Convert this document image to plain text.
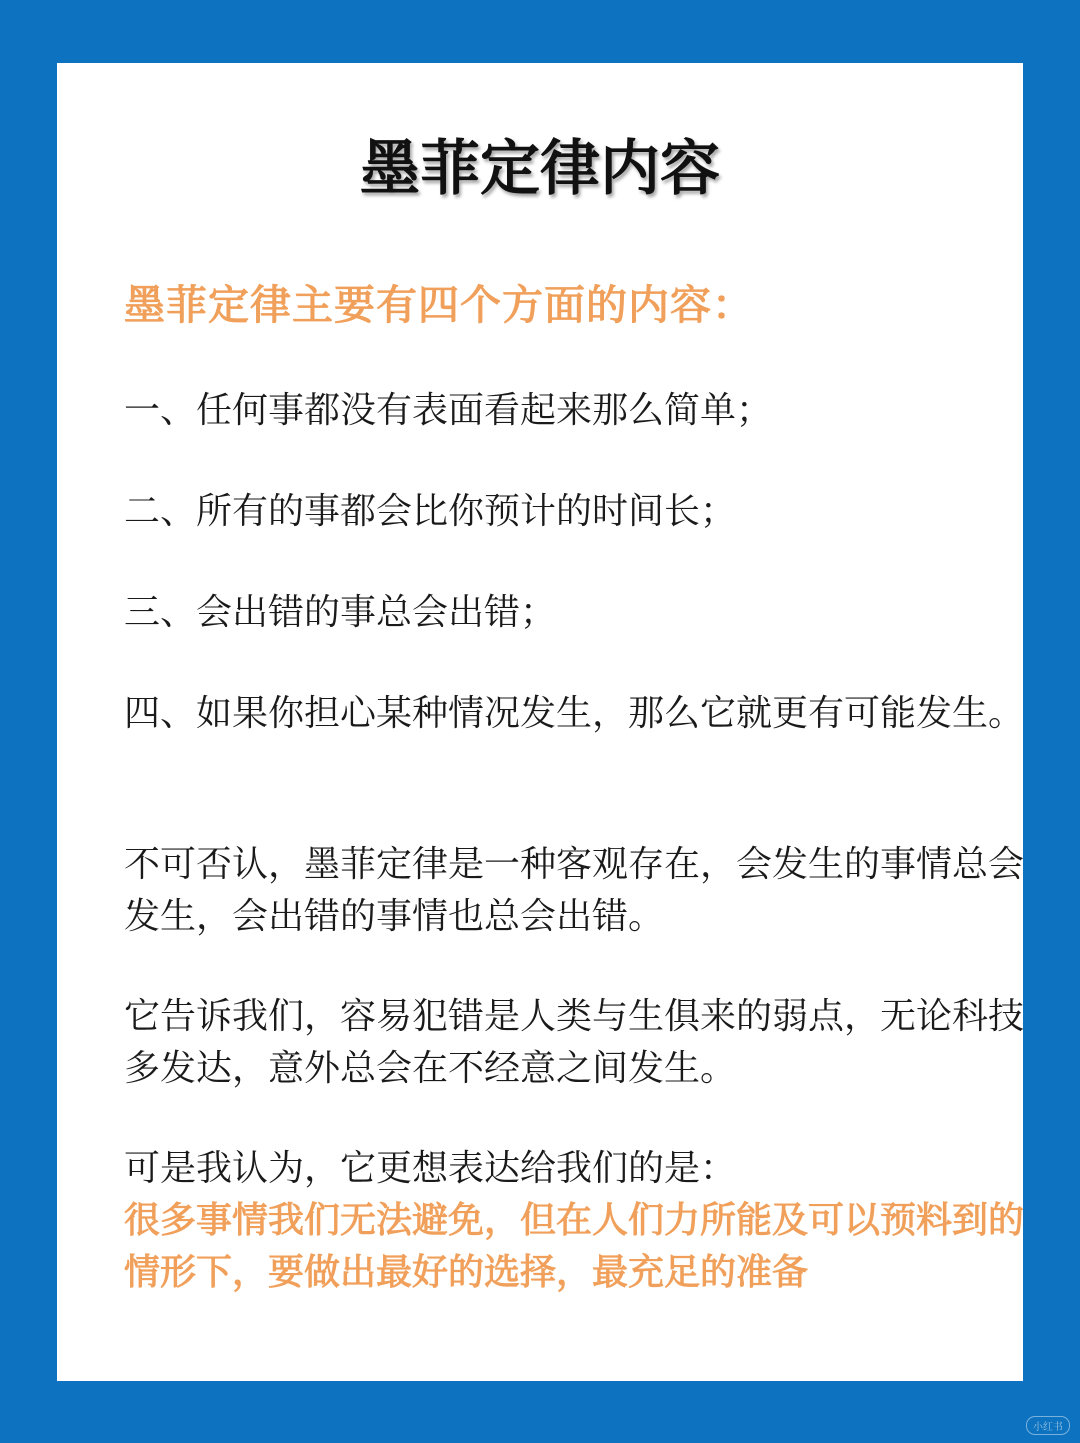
墨菲定律内容

墨菲定律主要有四个方面的内容：

一、任何事都没有表面看起来那么简单；

二、所有的事都会比你预计的时间长；

三、会出错的事总会出错；

四、如果你担心某种情况发生，那么它就更有可能发生。

不可否认，墨菲定律是一种客观存在，会发生的事情总会发生，会出错的事情也总会出错。

它告诉我们，容易犯错是人类与生俱来的弱点，无论科技多发达，意外总会在不经意之间发生。

可是我认为，它更想表达给我们的是：

很多事情我们无法避免，但在人们力所能及可以预料到的情形下，要做出最好的选择，最充足的准备

小红书
